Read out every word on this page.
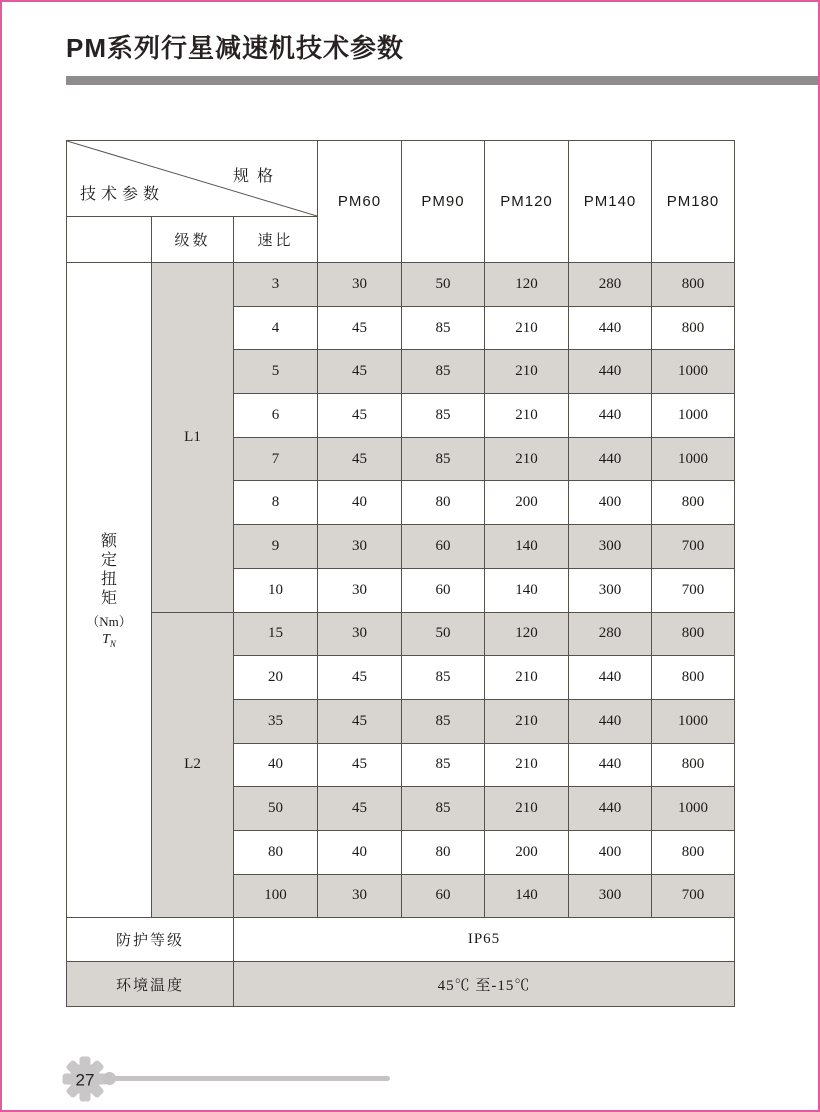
PM系列行星减速机技术参数
规格
技术参数			PM60	PM90	PM120	PM140	PM180
	级数	速比					

额定扭矩
（Nm）
$T_N$	L1	3	30	50	120	280	800
		4	45	85	210	440	800
		5	45	85	210	440	1000
		6	45	85	210	440	1000
		7	45	85	210	440	1000
		8	40	80	200	400	800
		9	30	60	140	300	700
		10	30	60	140	300	700
	L2	15	30	50	120	280	800
		20	45	85	210	440	800
		35	45	85	210	440	1000
		40	45	85	210	440	800
		50	45	85	210	440	1000
		80	40	80	200	400	800
		100	30	60	140	300	700
防护等级		IP65					
环境温度		45℃ 至-15℃					
27
